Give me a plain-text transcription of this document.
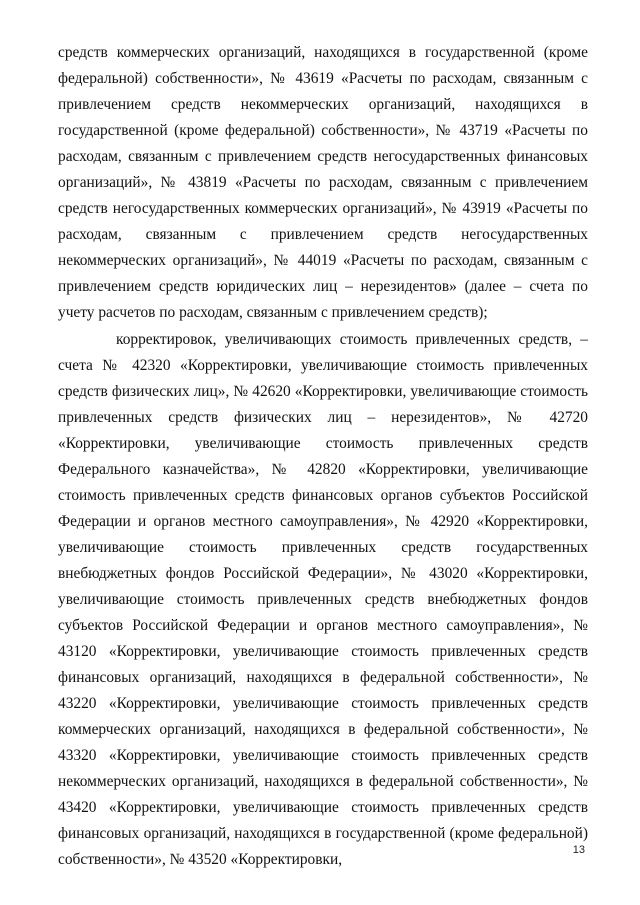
средств коммерческих организаций, находящихся в государственной (кроме федеральной) собственности», № 43619 «Расчеты по расходам, связанным с привлечением средств некоммерческих организаций, находящихся в государственной (кроме федеральной) собственности», № 43719 «Расчеты по расходам, связанным с привлечением средств негосударственных финансовых организаций», № 43819 «Расчеты по расходам, связанным с привлечением средств негосударственных коммерческих организаций», № 43919 «Расчеты по расходам, связанным с привлечением средств негосударственных некоммерческих организаций», № 44019 «Расчеты по расходам, связанным с привлечением средств юридических лиц – нерезидентов» (далее – счета по учету расчетов по расходам, связанным с привлечением средств);

корректировок, увеличивающих стоимость привлеченных средств, – счета № 42320 «Корректировки, увеличивающие стоимость привлеченных средств физических лиц», № 42620 «Корректировки, увеличивающие стоимость привлеченных средств физических лиц – нерезидентов», № 42720 «Корректировки, увеличивающие стоимость привлеченных средств Федерального казначейства», № 42820 «Корректировки, увеличивающие стоимость привлеченных средств финансовых органов субъектов Российской Федерации и органов местного самоуправления», № 42920 «Корректировки, увеличивающие стоимость привлеченных средств государственных внебюджетных фондов Российской Федерации», № 43020 «Корректировки, увеличивающие стоимость привлеченных средств внебюджетных фондов субъектов Российской Федерации и органов местного самоуправления», № 43120 «Корректировки, увеличивающие стоимость привлеченных средств финансовых организаций, находящихся в федеральной собственности», № 43220 «Корректировки, увеличивающие стоимость привлеченных средств коммерческих организаций, находящихся в федеральной собственности», № 43320 «Корректировки, увеличивающие стоимость привлеченных средств некоммерческих организаций, находящихся в федеральной собственности», № 43420 «Корректировки, увеличивающие стоимость привлеченных средств финансовых организаций, находящихся в государственной (кроме федеральной) собственности», № 43520 «Корректировки,

13
